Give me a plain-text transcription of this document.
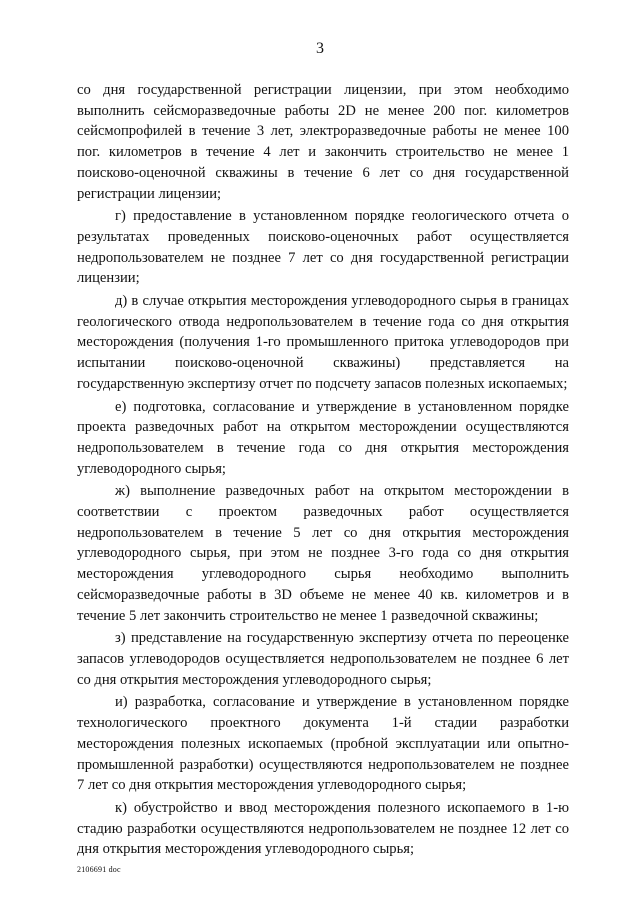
3

со дня государственной регистрации лицензии, при этом необходимо выполнить сейсморазведочные работы 2D не менее 200 пог. километров сейсмопрофилей в течение 3 лет, электроразведочные работы не менее 100 пог. километров в течение 4 лет и закончить строительство не менее 1 поисково-оценочной скважины в течение 6 лет со дня государственной регистрации лицензии;

г) предоставление в установленном порядке геологического отчета о результатах проведенных поисково-оценочных работ осуществляется недропользователем не позднее 7 лет со дня государственной регистрации лицензии;

д) в случае открытия месторождения углеводородного сырья в границах геологического отвода недропользователем в течение года со дня открытия месторождения (получения 1-го промышленного притока углеводородов при испытании поисково-оценочной скважины) представляется на государственную экспертизу отчет по подсчету запасов полезных ископаемых;

е) подготовка, согласование и утверждение в установленном порядке проекта разведочных работ на открытом месторождении осуществляются недропользователем в течение года со дня открытия месторождения углеводородного сырья;

ж) выполнение разведочных работ на открытом месторождении в соответствии с проектом разведочных работ осуществляется недропользователем в течение 5 лет со дня открытия месторождения углеводородного сырья, при этом не позднее 3-го года со дня открытия месторождения углеводородного сырья необходимо выполнить сейсморазведочные работы в 3D объеме не менее 40 кв. километров и в течение 5 лет закончить строительство не менее 1 разведочной скважины;

з) представление на государственную экспертизу отчета по переоценке запасов углеводородов осуществляется недропользователем не позднее 6 лет со дня открытия месторождения углеводородного сырья;

и) разработка, согласование и утверждение в установленном порядке технологического проектного документа 1-й стадии разработки месторождения полезных ископаемых (пробной эксплуатации или опытно-промышленной разработки) осуществляются недропользователем не позднее 7 лет со дня открытия месторождения углеводородного сырья;

к) обустройство и ввод месторождения полезного ископаемого в 1-ю стадию разработки осуществляются недропользователем не позднее 12 лет со дня открытия месторождения углеводородного сырья;

2106691 doc
